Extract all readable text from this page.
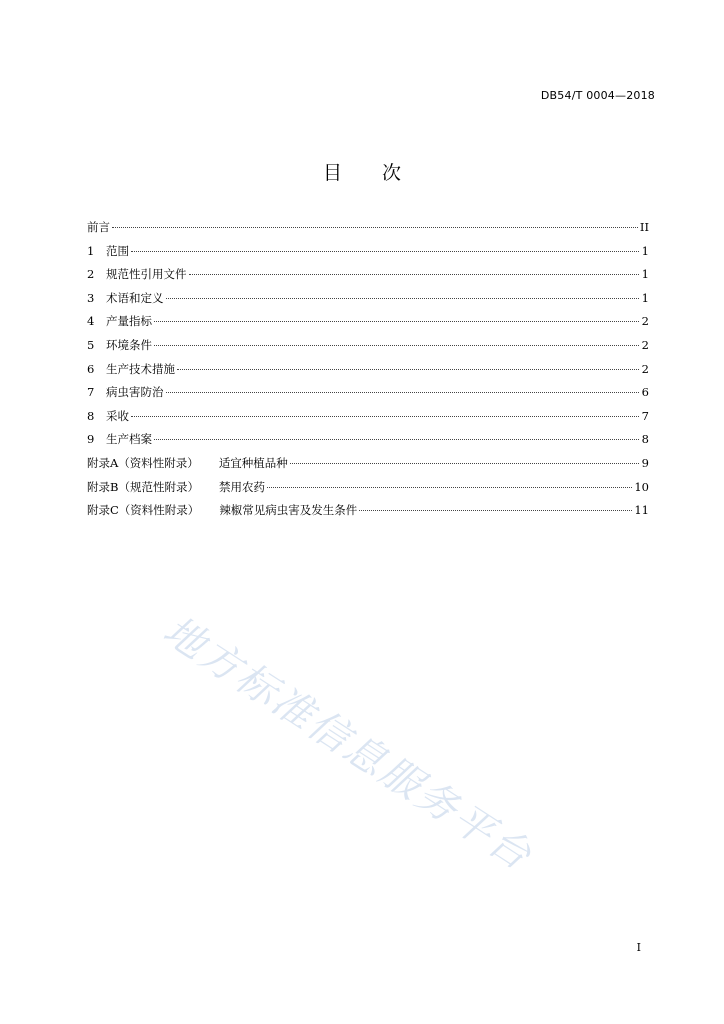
DB54/T 0004—2018
目 次
前言	II
1	范围	1
2	规范性引用文件	1
3	术语和定义	1
4	产量指标	2
5	环境条件	2
6	生产技术措施	2
7	病虫害防治	6
8	采收	7
9	生产档案	8
附录A（资料性附录） 适宜种植品种	9
附录B（规范性附录） 禁用农药	10
附录C（资料性附录） 辣椒常见病虫害及发生条件	11
地方标准信息服务平台
I
